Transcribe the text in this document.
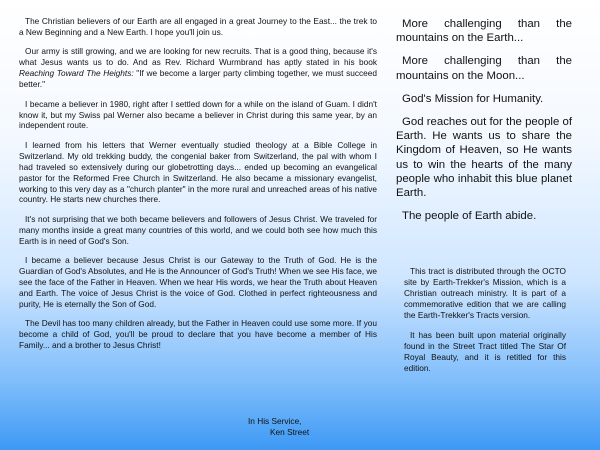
The Christian believers of our Earth are all engaged in a great Journey to the East... the trek to a New Beginning and a New Earth. I hope you'll join us.

Our army is still growing, and we are looking for new recruits. That is a good thing, because it's what Jesus wants us to do. And as Rev. Richard Wurmbrand has aptly stated in his book Reaching Toward The Heights: "If we become a larger party climbing together, we must succeed better."

I became a believer in 1980, right after I settled down for a while on the island of Guam. I didn't know it, but my Swiss pal Werner also became a believer in Christ during this same year, by an independent route.

I learned from his letters that Werner eventually studied theology at a Bible College in Switzerland. My old trekking buddy, the congenial baker from Switzerland, the pal with whom I had traveled so extensively during our globetrotting days... ended up becoming an evangelical pastor for the Reformed Free Church in Switzerland. He also became a missionary evangelist, working to this very day as a "church planter" in the more rural and unreached areas of his native country. He starts new churches there.

It's not surprising that we both became believers and followers of Jesus Christ. We traveled for many months inside a great many countries of this world, and we could both see how much this Earth is in need of God's Son.

I became a believer because Jesus Christ is our Gateway to the Truth of God. He is the Guardian of God's Absolutes, and He is the Announcer of God's Truth! When we see His face, we see the face of the Father in Heaven. When we hear His words, we hear the Truth about Heaven and Earth. The voice of Jesus Christ is the voice of God. Clothed in perfect righteousness and purity, He is eternally the Son of God.

The Devil has too many children already, but the Father in Heaven could use some more. If you become a child of God, you'll be proud to declare that you have become a member of His Family... and a brother to Jesus Christ!

In His Service,
Ken Street

More challenging than the mountains on the Earth...

More challenging than the mountains on the Moon...

God's Mission for Humanity.

God reaches out for the people of Earth. He wants us to share the Kingdom of Heaven, so He wants us to win the hearts of the many people who inhabit this blue planet Earth.

The people of Earth abide.

This tract is distributed through the OCTO site by Earth-Trekker's Mission, which is a Christian outreach ministry. It is part of a commemorative edition that we are calling the Earth-Trekker's Tracts version.

It has been built upon material originally found in the Street Tract titled The Star Of Royal Beauty, and it is retitled for this edition.
